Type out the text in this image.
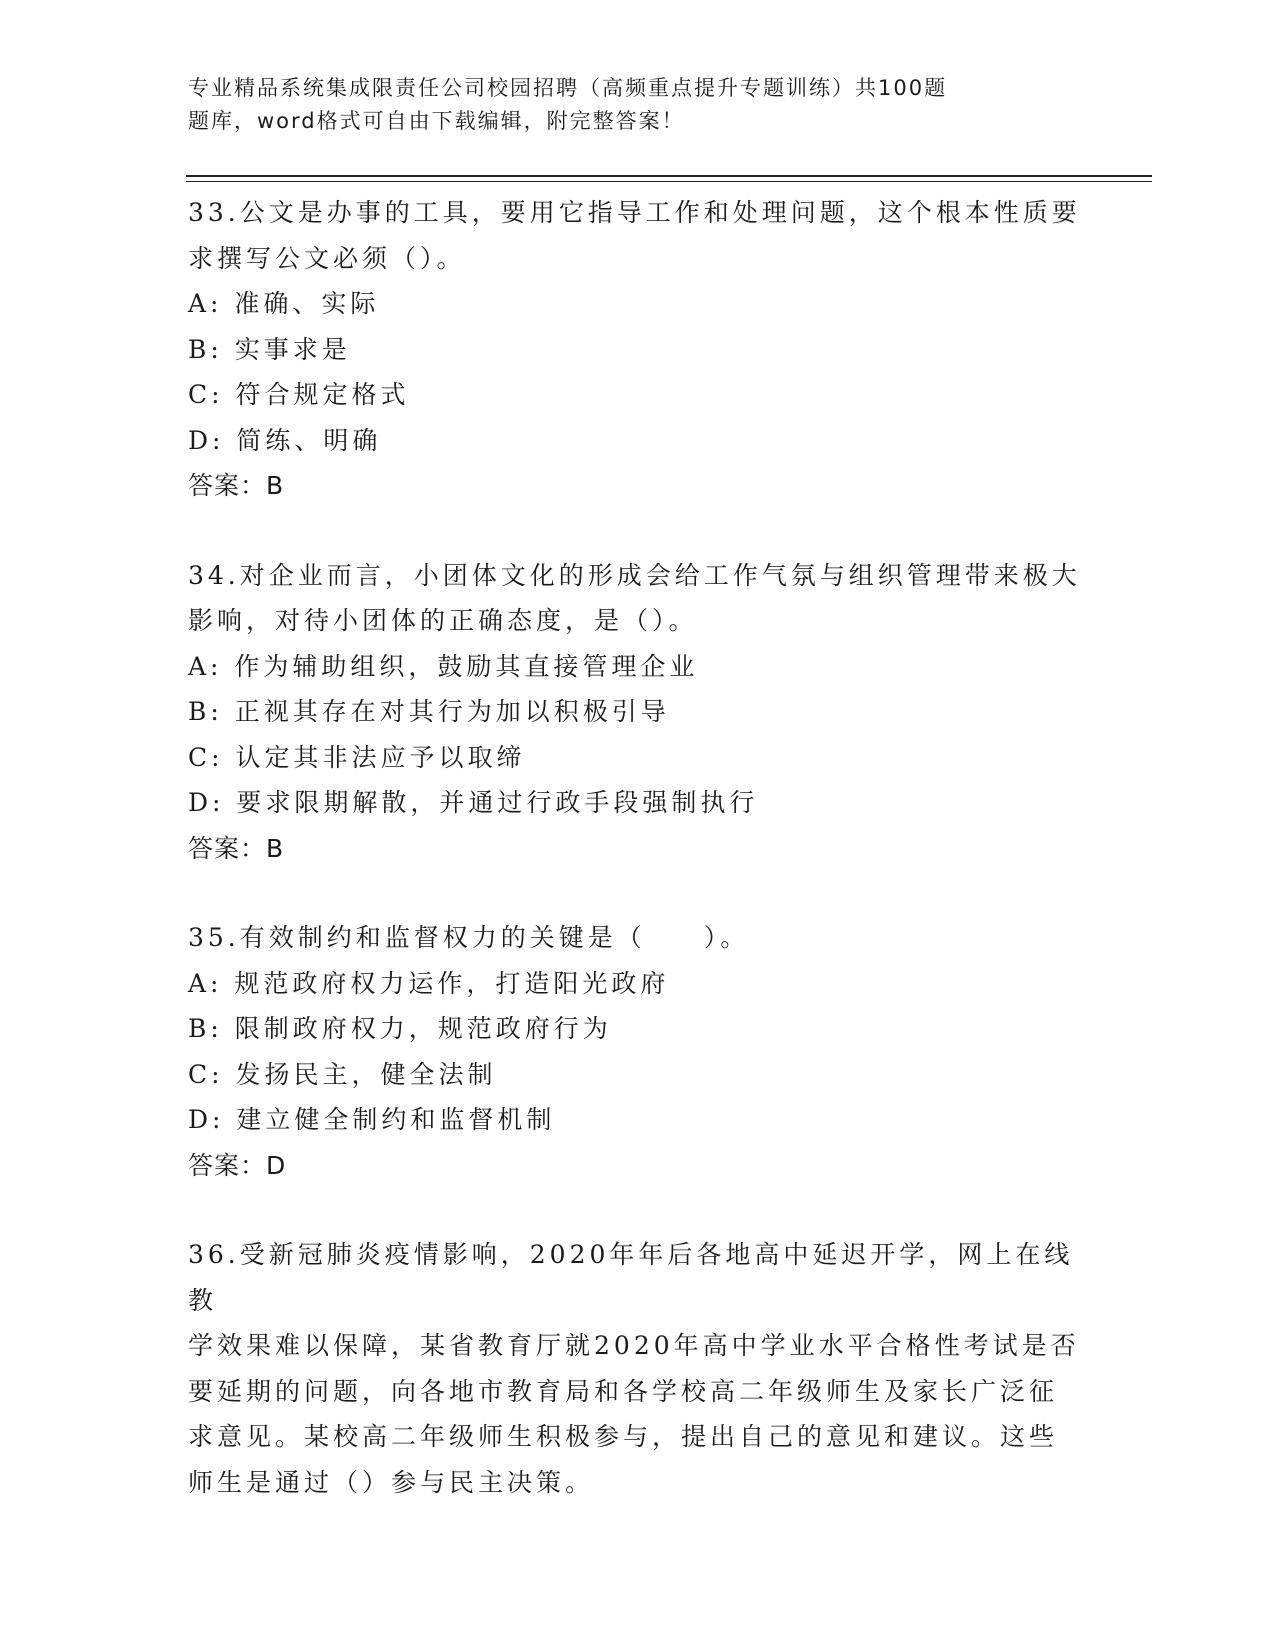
专业精品系统集成限责任公司校园招聘（高频重点提升专题训练）共100题
题库，word格式可自由下载编辑，附完整答案！

33.公文是办事的工具，要用它指导工作和处理问题，这个根本性质要

求撰写公文必须（）。

A: 准确、实际

B: 实事求是

C: 符合规定格式

D: 简练、明确

答案：B

34.对企业而言，小团体文化的形成会给工作气氛与组织管理带来极大

影响，对待小团体的正确态度，是（）。

A: 作为辅助组织，鼓励其直接管理企业

B: 正视其存在对其行为加以积极引导

C: 认定其非法应予以取缔

D: 要求限期解散，并通过行政手段强制执行

答案：B

35.有效制约和监督权力的关键是（　　）。

A: 规范政府权力运作，打造阳光政府

B: 限制政府权力，规范政府行为

C: 发扬民主，健全法制

D: 建立健全制约和监督机制

答案：D

36.受新冠肺炎疫情影响，2020年年后各地高中延迟开学，网上在线教

学效果难以保障，某省教育厅就2020年高中学业水平合格性考试是否

要延期的问题，向各地市教育局和各学校高二年级师生及家长广泛征

求意见。某校高二年级师生积极参与，提出自己的意见和建议。这些

师生是通过（）参与民主决策。
